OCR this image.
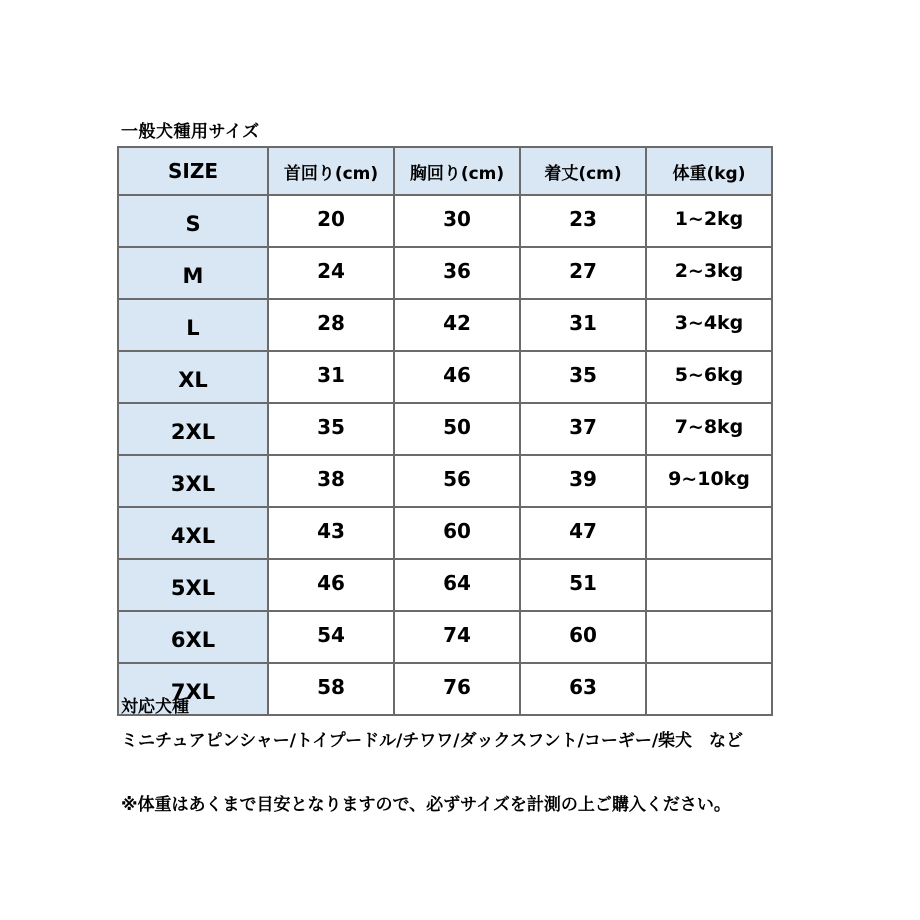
一般犬種用サイズ
SIZE	首回り(cm)	胸回り(cm)	着丈(cm)	体重(kg)
S	20	30	23	1~2kg
M	24	36	27	2~3kg
L	28	42	31	3~4kg
XL	31	46	35	5~6kg
2XL	35	50	37	7~8kg
3XL	38	56	39	9~10kg
4XL	43	60	47	
5XL	46	64	51	
6XL	54	74	60	
7XL	58	76	63	
対応犬種
ミニチュアピンシャー/トイプードル/チワワ/ダックスフント/コーギー/柴犬　など
※体重はあくまで目安となりますので、必ずサイズを計測の上ご購入ください。
